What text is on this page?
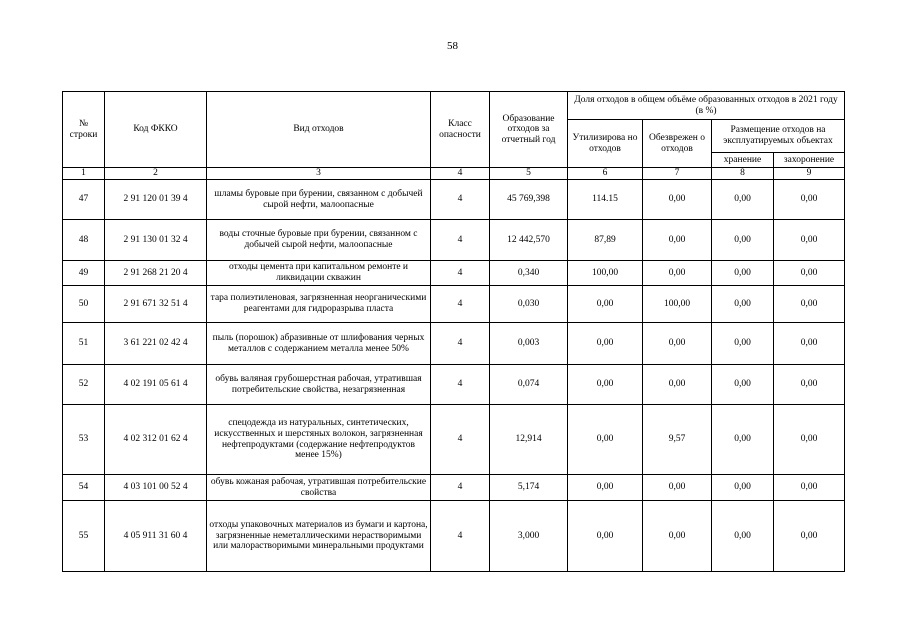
58
№ строки	Код ФККО	Вид отходов	Класс опасности	Образование отходов за отчетный год	Доля отходов в общем объёме образованных отходов в 2021 году (в %)			
					Утилизирова но отходов	Обезврежен о отходов	Размещение отходов на эксплуатируемых объектах	
							хранение	захоронение
1	2	3	4	5	6	7	8	9
47	2 91 120 01 39 4	шламы буровые при бурении, связанном с добычей сырой нефти, малоопасные	4	45 769,398	114.15	0,00	0,00	0,00
48	2 91 130 01 32 4	воды сточные буровые при бурении, связанном с добычей сырой нефти, малоопасные	4	12 442,570	87,89	0,00	0,00	0,00
49	2 91 268 21 20 4	отходы цемента при капитальном ремонте и ликвидации скважин	4	0,340	100,00	0,00	0,00	0,00
50	2 91 671 32 51 4	тара полиэтиленовая, загрязненная неорганическими реагентами для гидроразрыва пласта	4	0,030	0,00	100,00	0,00	0,00
51	3 61 221 02 42 4	пыль (порошок) абразивные от шлифования черных металлов с содержанием металла менее 50%	4	0,003	0,00	0,00	0,00	0,00
52	4 02 191 05 61 4	обувь валяная грубошерстная рабочая, утратившая потребительские свойства, незагрязненная	4	0,074	0,00	0,00	0,00	0,00
53	4 02 312 01 62 4	спецодежда из натуральных, синтетических, искусственных и шерстяных волокон, загрязненная нефтепродуктами (содержание нефтепродуктов менее 15%)	4	12,914	0,00	9,57	0,00	0,00
54	4 03 101 00 52 4	обувь кожаная рабочая, утратившая потребительские свойства	4	5,174	0,00	0,00	0,00	0,00
55	4 05 911 31 60 4	отходы упаковочных материалов из бумаги и картона, загрязненные неметаллическими нерастворимыми или малорастворимыми минеральными продуктами	4	3,000	0,00	0,00	0,00	0,00
